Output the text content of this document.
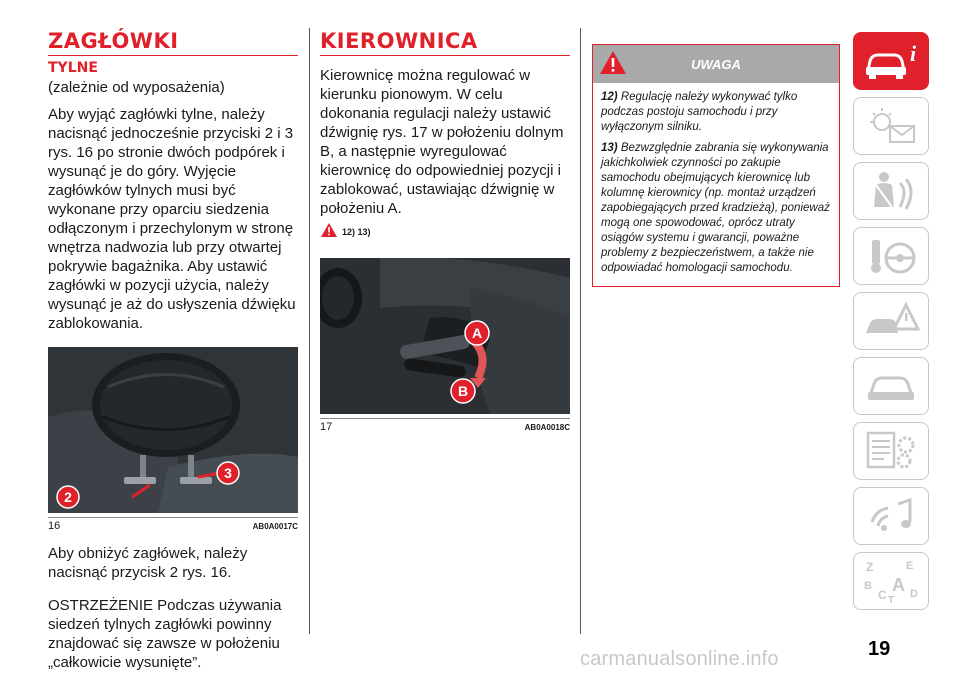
ZAGŁÓWKI
TYLNE
(zależnie od wyposażenia)
Aby wyjąć zagłówki tylne, należy nacisnąć jednocześnie przyciski 2 i 3 rys. 16 po stronie dwóch podpórek i wysunąć je do góry. Wyjęcie zagłówków tylnych musi być wykonane przy oparciu siedzenia odłączonym i przechylonym w stronę wnętrza nadwozia lub przy otwartej pokrywie bagażnika. Aby ustawić zagłówki w pozycji użycia, należy wysunąć je aż do usłyszenia dźwięku zablokowania.
2
3
16	AB0A0017C
Aby obniżyć zagłówek, należy nacisnąć przycisk 2 rys. 16.
OSTRZEŻENIE Podczas używania siedzeń tylnych zagłówki powinny znajdować się zawsze w położeniu „całkowicie wysunięte”.
KIEROWNICA
Kierownicę można regulować w kierunku pionowym. W celu dokonania regulacji należy ustawić dźwignię rys. 17 w położeniu dolnym B, a następnie wyregulować kierownicę do odpowiedniej pozycji i zablokować, ustawiając dźwignię w położeniu A.
12) 13)
A
B
17	AB0A0018C
UWAGA
12) Regulację należy wykonywać tylko podczas postoju samochodu i przy wyłączonym silniku.
13) Bezwzględnie zabrania się wykonywania jakichkolwiek czynności po zakupie samochodu obejmujących kierownicę lub kolumnę kierownicy (np. montaż urządzeń zapobiegających przed kradzieżą), ponieważ mogą one spowodować, oprócz utraty osiągów systemu i gwarancji, poważne problemy z bezpieczeństwem, a także nie odpowiadać homologacji samochodu.
i
Z	E
B A
C D
T
carmanualsonline.info	19
